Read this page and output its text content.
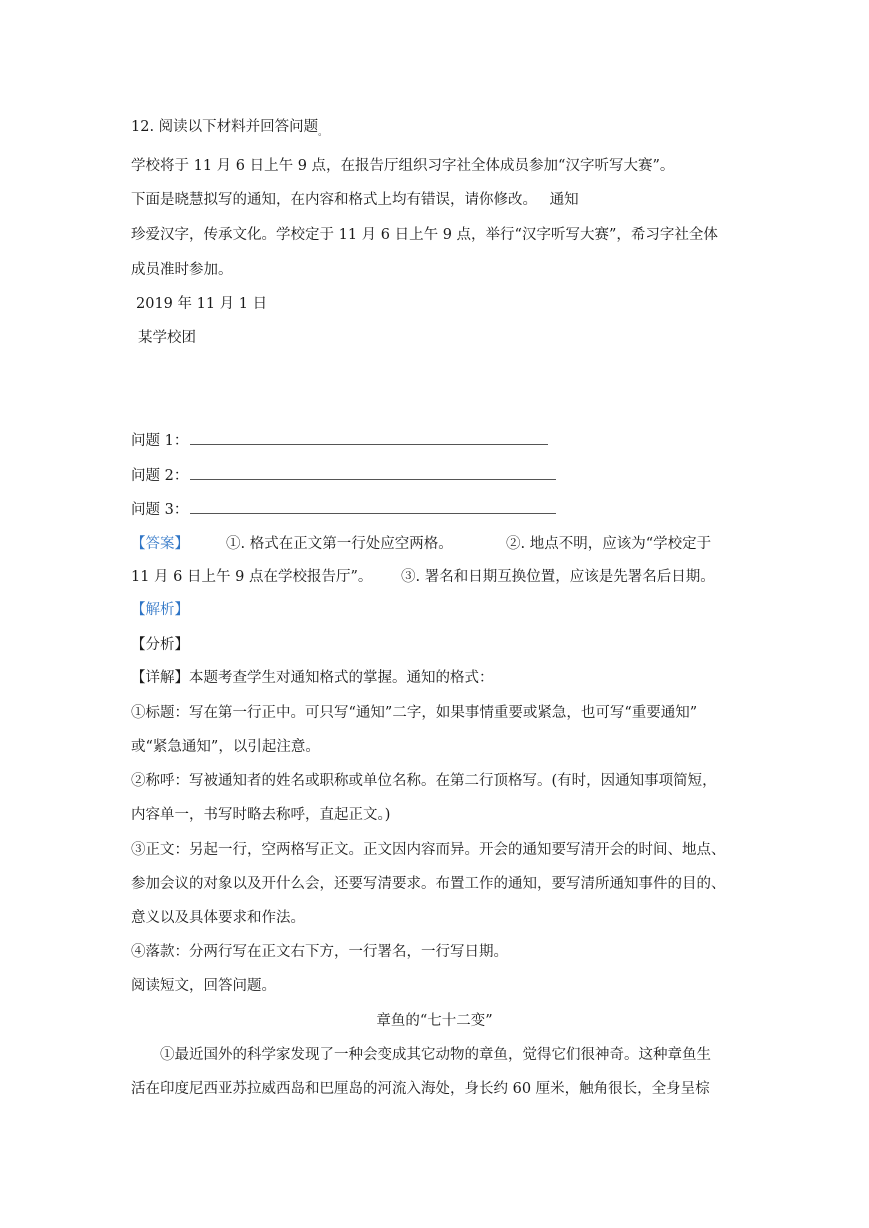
12. 阅读以下材料并回答问题$_。$
学校将于 11 月 6 日上午 9 点，在报告厅组织习字社全体成员参加“汉字听写大赛”。
下面是晓慧拟写的通知，在内容和格式上均有错误，请你修改。 通知
珍爱汉字，传承文化。学校定于 11 月 6 日上午 9 点，举行“汉字听写大赛”，希习字社全体
成员准时参加。
2019 年 11 月 1 日
某学校团
问题 1：
问题 2：
问题 3：
【答案】	①. 格式在正文第一行处应空两格。	②. 地点不明，应该为“学校定于
11 月 6 日上午 9 点在学校报告厅”。 ③. 署名和日期互换位置，应该是先署名后日期。
【解析】
【分析】
【详解】本题考查学生对通知格式的掌握。通知的格式：
①标题：写在第一行正中。可只写“通知”二字，如果事情重要或紧急，也可写“重要通知”
或“紧急通知”，以引起注意。
②称呼：写被通知者的姓名或职称或单位名称。在第二行顶格写。(有时，因通知事项简短，
内容单一，书写时略去称呼，直起正文。)
③正文：另起一行，空两格写正文。正文因内容而异。开会的通知要写清开会的时间、地点、
参加会议的对象以及开什么会，还要写清要求。布置工作的通知，要写清所通知事件的目的、
意义以及具体要求和作法。
④落款：分两行写在正文右下方，一行署名，一行写日期。
阅读短文，回答问题。
章鱼的“七十二变”
①最近国外的科学家发现了一种会变成其它动物的章鱼，觉得它们很神奇。这种章鱼生
活在印度尼西亚苏拉威西岛和巴厘岛的河流入海处，身长约 60 厘米，触角很长，全身呈棕
